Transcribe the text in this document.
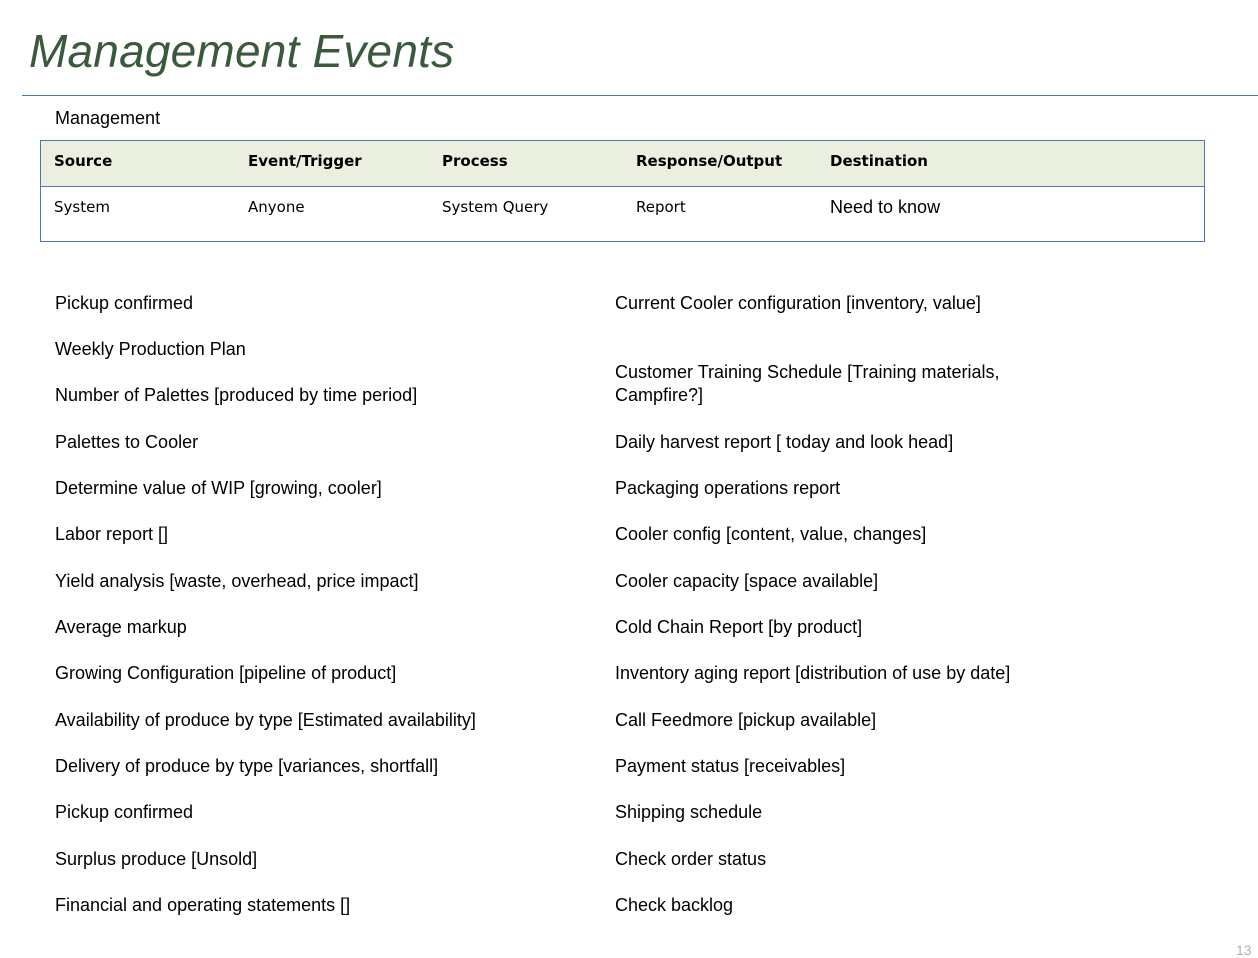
Management Events
Management
Source	Event/Trigger	Process	Response/Output	Destination
System	Anyone	System Query	Report	Need to know
Pickup confirmed
Weekly Production Plan
Number of Palettes [produced by time period]
Palettes to Cooler
Determine value of WIP [growing, cooler]
Labor report []
Yield analysis [waste, overhead, price impact]
Average markup
Growing Configuration [pipeline of product]
Availability of produce by type [Estimated availability]
Delivery of produce by type [variances, shortfall]
Pickup confirmed
Surplus produce [Unsold]
Financial and operating statements []
Current Cooler configuration [inventory, value]
Customer Training Schedule [Training materials,
Campfire?]
Daily harvest report [ today and look head]
Packaging operations report
Cooler config [content, value, changes]
Cooler capacity [space available]
Cold Chain Report [by product]
Inventory aging report [distribution of use by date]
Call Feedmore [pickup available]
Payment status [receivables]
Shipping schedule
Check order status
Check backlog
13
